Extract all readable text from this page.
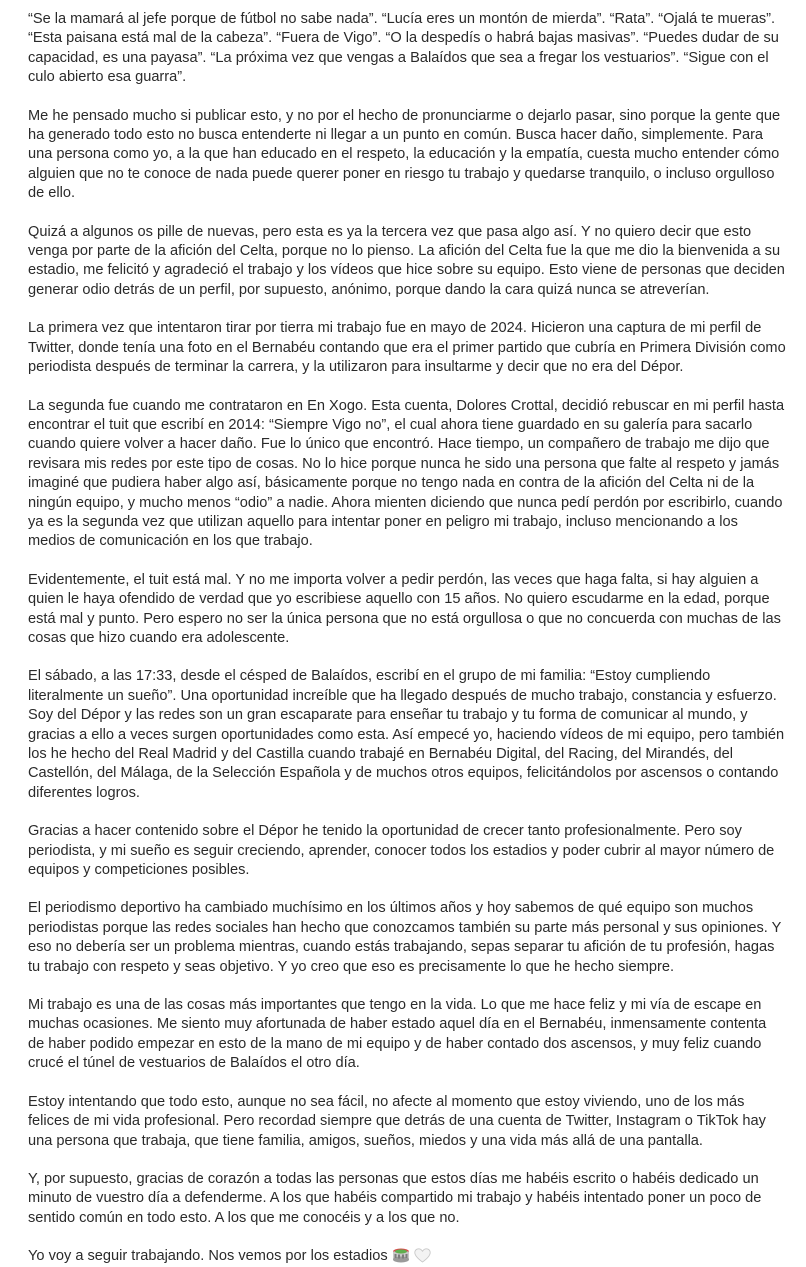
“Se la mamará al jefe porque de fútbol no sabe nada”. “Lucía eres un montón de mierda”. “Rata”. “Ojalá te mueras”. “Esta paisana está mal de la cabeza”. “Fuera de Vigo”. “O la despedís o habrá bajas masivas”. “Puedes dudar de su capacidad, es una payasa”. “La próxima vez que vengas a Balaídos que sea a fregar los vestuarios”. “Sigue con el culo abierto esa guarra”.

Me he pensado mucho si publicar esto, y no por el hecho de pronunciarme o dejarlo pasar, sino porque la gente que ha generado todo esto no busca entenderte ni llegar a un punto en común. Busca hacer daño, simplemente. Para una persona como yo, a la que han educado en el respeto, la educación y la empatía, cuesta mucho entender cómo alguien que no te conoce de nada puede querer poner en riesgo tu trabajo y quedarse tranquilo, o incluso orgulloso de ello.

Quizá a algunos os pille de nuevas, pero esta es ya la tercera vez que pasa algo así. Y no quiero decir que esto venga por parte de la afición del Celta, porque no lo pienso. La afición del Celta fue la que me dio la bienvenida a su estadio, me felicitó y agradeció el trabajo y los vídeos que hice sobre su equipo. Esto viene de personas que deciden generar odio detrás de un perfil, por supuesto, anónimo, porque dando la cara quizá nunca se atreverían.

La primera vez que intentaron tirar por tierra mi trabajo fue en mayo de 2024. Hicieron una captura de mi perfil de Twitter, donde tenía una foto en el Bernabéu contando que era el primer partido que cubría en Primera División como periodista después de terminar la carrera, y la utilizaron para insultarme y decir que no era del Dépor.

La segunda fue cuando me contrataron en En Xogo. Esta cuenta, Dolores Crottal, decidió rebuscar en mi perfil hasta encontrar el tuit que escribí en 2014: “Siempre Vigo no”, el cual ahora tiene guardado en su galería para sacarlo cuando quiere volver a hacer daño. Fue lo único que encontró. Hace tiempo, un compañero de trabajo me dijo que revisara mis redes por este tipo de cosas. No lo hice porque nunca he sido una persona que falte al respeto y jamás imaginé que pudiera haber algo así, básicamente porque no tengo nada en contra de la afición del Celta ni de la ningún equipo, y mucho menos “odio” a nadie. Ahora mienten diciendo que nunca pedí perdón por escribirlo, cuando ya es la segunda vez que utilizan aquello para intentar poner en peligro mi trabajo, incluso mencionando a los medios de comunicación en los que trabajo.

Evidentemente, el tuit está mal. Y no me importa volver a pedir perdón, las veces que haga falta, si hay alguien a quien le haya ofendido de verdad que yo escribiese aquello con 15 años. No quiero escudarme en la edad, porque está mal y punto. Pero espero no ser la única persona que no está orgullosa o que no concuerda con muchas de las cosas que hizo cuando era adolescente.

El sábado, a las 17:33, desde el césped de Balaídos, escribí en el grupo de mi familia: “Estoy cumpliendo literalmente un sueño”. Una oportunidad increíble que ha llegado después de mucho trabajo, constancia y esfuerzo. Soy del Dépor y las redes son un gran escaparate para enseñar tu trabajo y tu forma de comunicar al mundo, y gracias a ello a veces surgen oportunidades como esta. Así empecé yo, haciendo vídeos de mi equipo, pero también los he hecho del Real Madrid y del Castilla cuando trabajé en Bernabéu Digital, del Racing, del Mirandés, del Castellón, del Málaga, de la Selección Española y de muchos otros equipos, felicitándolos por ascensos o contando diferentes logros.

Gracias a hacer contenido sobre el Dépor he tenido la oportunidad de crecer tanto profesionalmente. Pero soy periodista, y mi sueño es seguir creciendo, aprender, conocer todos los estadios y poder cubrir al mayor número de equipos y competiciones posibles.

El periodismo deportivo ha cambiado muchísimo en los últimos años y hoy sabemos de qué equipo son muchos periodistas porque las redes sociales han hecho que conozcamos también su parte más personal y sus opiniones. Y eso no debería ser un problema mientras, cuando estás trabajando, sepas separar tu afición de tu profesión, hagas tu trabajo con respeto y seas objetivo. Y yo creo que eso es precisamente lo que he hecho siempre.

Mi trabajo es una de las cosas más importantes que tengo en la vida. Lo que me hace feliz y mi vía de escape en muchas ocasiones. Me siento muy afortunada de haber estado aquel día en el Bernabéu, inmensamente contenta de haber podido empezar en esto de la mano de mi equipo y de haber contado dos ascensos, y muy feliz cuando crucé el túnel de vestuarios de Balaídos el otro día.

Estoy intentando que todo esto, aunque no sea fácil, no afecte al momento que estoy viviendo, uno de los más felices de mi vida profesional. Pero recordad siempre que detrás de una cuenta de Twitter, Instagram o TikTok hay una persona que trabaja, que tiene familia, amigos, sueños, miedos y una vida más allá de una pantalla.

Y, por supuesto, gracias de corazón a todas las personas que estos días me habéis escrito o habéis dedicado un minuto de vuestro día a defenderme. A los que habéis compartido mi trabajo y habéis intentado poner un poco de sentido común en todo esto. A los que me conocéis y a los que no.

Yo voy a seguir trabajando. Nos vemos por los estadios
